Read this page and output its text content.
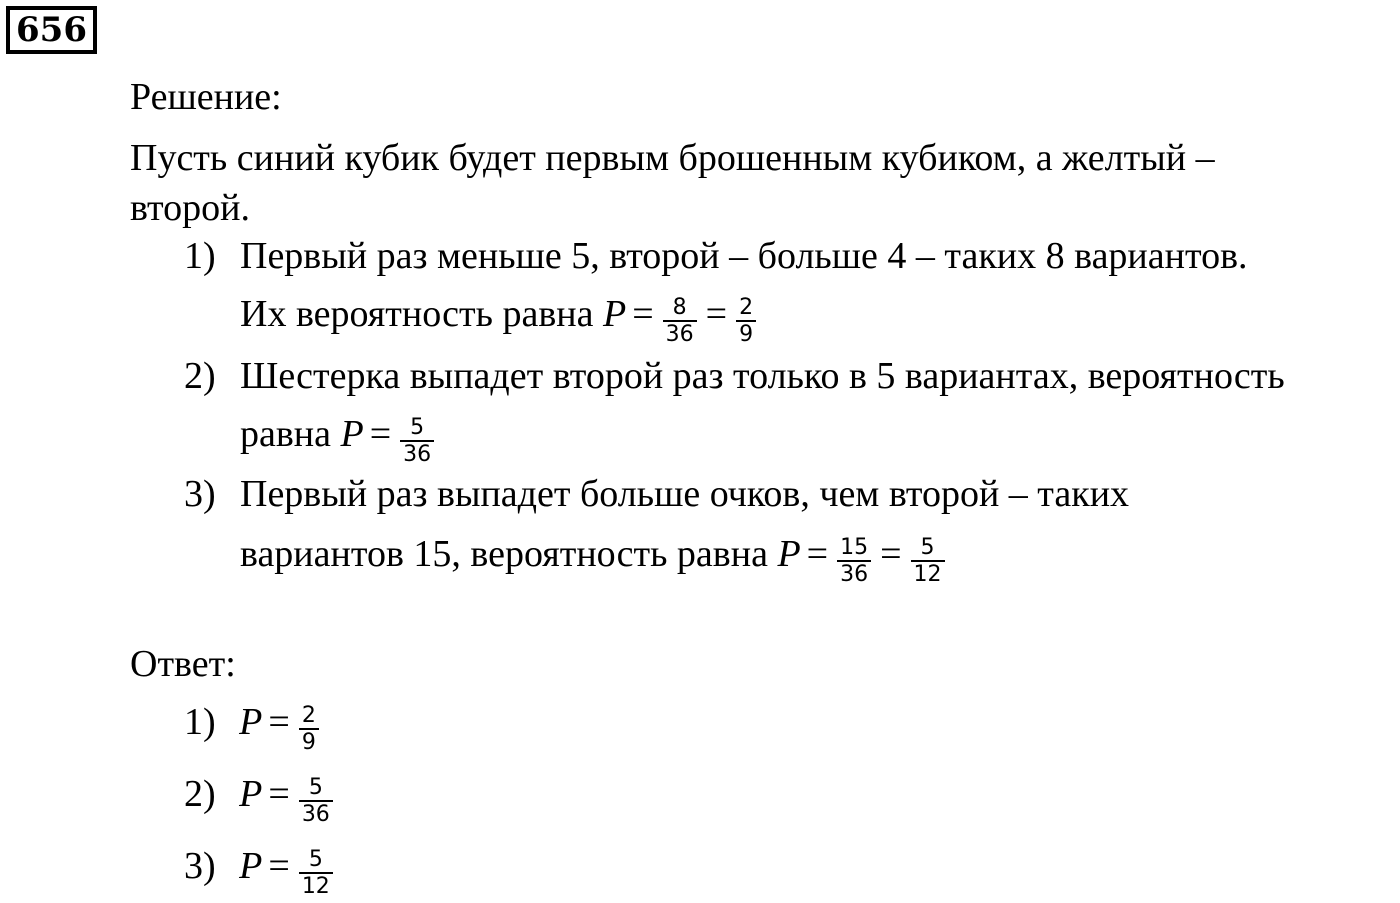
656
Решение:
Пусть синий кубик будет первым брошенным кубиком, а желтый –
второй.
1) Первый раз меньше 5, второй – больше 4 – таких 8 вариантов.
Их вероятность равна $P = \frac{8}{36} = \frac{2}{9}$
2) Шестерка выпадет второй раз только в 5 вариантах, вероятность
равна $P = \frac{5}{36}$
3) Первый раз выпадет больше очков, чем второй – таких
вариантов 15, вероятность равна $P = \frac{15}{36} = \frac{5}{12}$
Ответ:
1) $P = \frac{2}{9}$
2) $P = \frac{5}{36}$
3) $P = \frac{5}{12}$
